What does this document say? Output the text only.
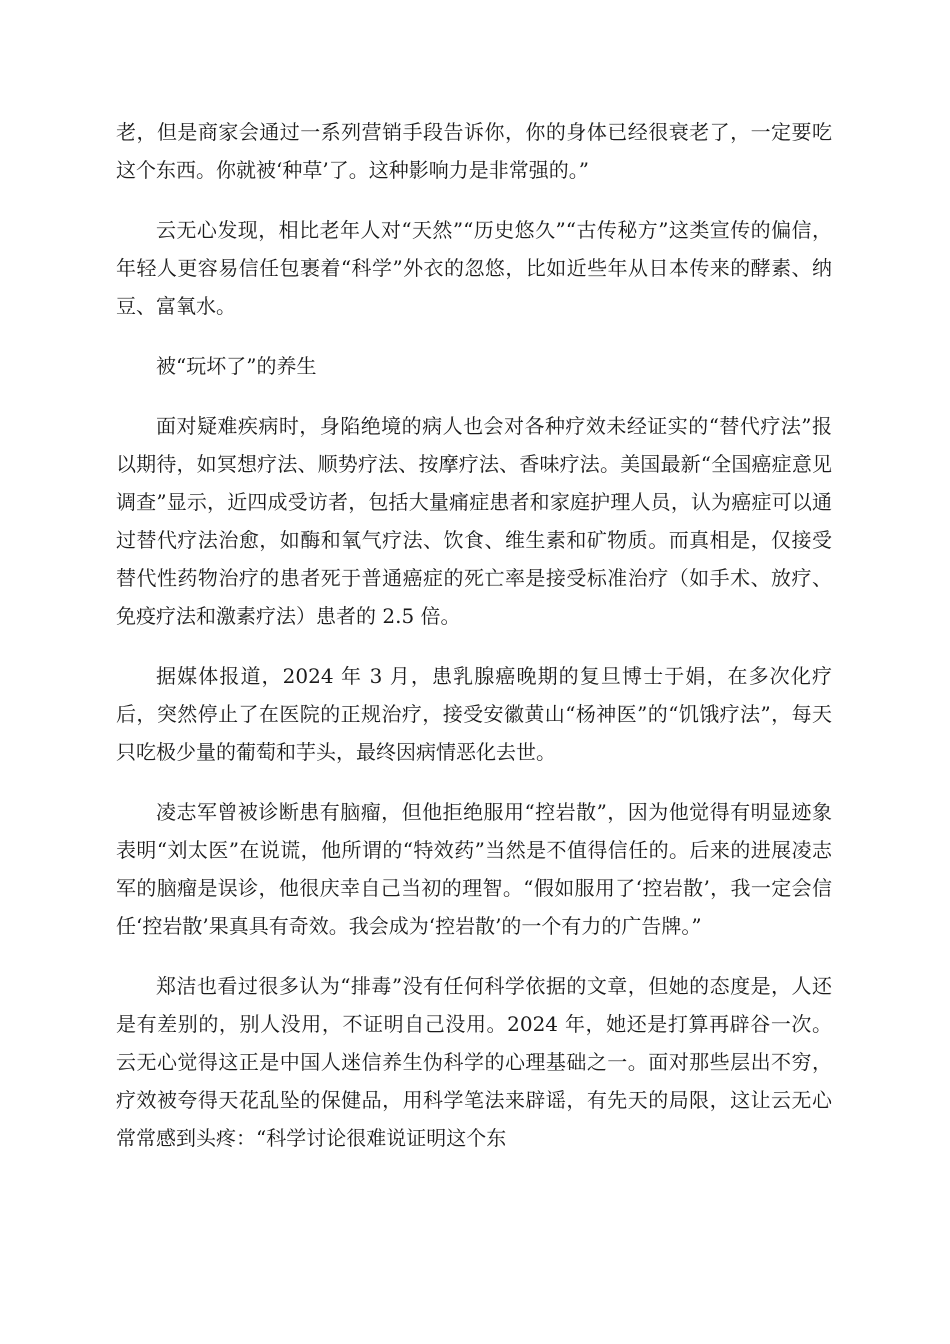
老，但是商家会通过一系列营销手段告诉你，你的身体已经很衰老了，一定要吃这个东西。你就被‘种草’了。这种影响力是非常强的。”

云无心发现，相比老年人对“天然”“历史悠久”“古传秘方”这类宣传的偏信，年轻人更容易信任包裹着“科学”外衣的忽悠，比如近些年从日本传来的酵素、纳豆、富氧水。

被“玩坏了”的养生

面对疑难疾病时，身陷绝境的病人也会对各种疗效未经证实的“替代疗法”报以期待，如冥想疗法、顺势疗法、按摩疗法、香味疗法。美国最新“全国癌症意见调查”显示，近四成受访者，包括大量痛症患者和家庭护理人员，认为癌症可以通过替代疗法治愈，如酶和氧气疗法、饮食、维生素和矿物质。而真相是，仅接受替代性药物治疗的患者死于普通癌症的死亡率是接受标准治疗（如手术、放疗、免疫疗法和激素疗法）患者的 2.5 倍。

据媒体报道，2024 年 3 月，患乳腺癌晚期的复旦博士于娟，在多次化疗后，突然停止了在医院的正规治疗，接受安徽黄山“杨神医”的“饥饿疗法”，每天只吃极少量的葡萄和芋头，最终因病情恶化去世。

凌志军曾被诊断患有脑瘤，但他拒绝服用“控岩散”，因为他觉得有明显迹象表明“刘太医”在说谎，他所谓的“特效药”当然是不值得信任的。后来的进展凌志军的脑瘤是误诊，他很庆幸自己当初的理智。“假如服用了‘控岩散’，我一定会信任‘控岩散’果真具有奇效。我会成为‘控岩散’的一个有力的广告牌。”

郑洁也看过很多认为“排毒”没有任何科学依据的文章，但她的态度是，人还是有差别的，别人没用，不证明自己没用。2024 年，她还是打算再辟谷一次。云无心觉得这正是中国人迷信养生伪科学的心理基础之一。面对那些层出不穷，疗效被夸得天花乱坠的保健品，用科学笔法来辟谣，有先天的局限，这让云无心常常感到头疼：“科学讨论很难说证明这个东
